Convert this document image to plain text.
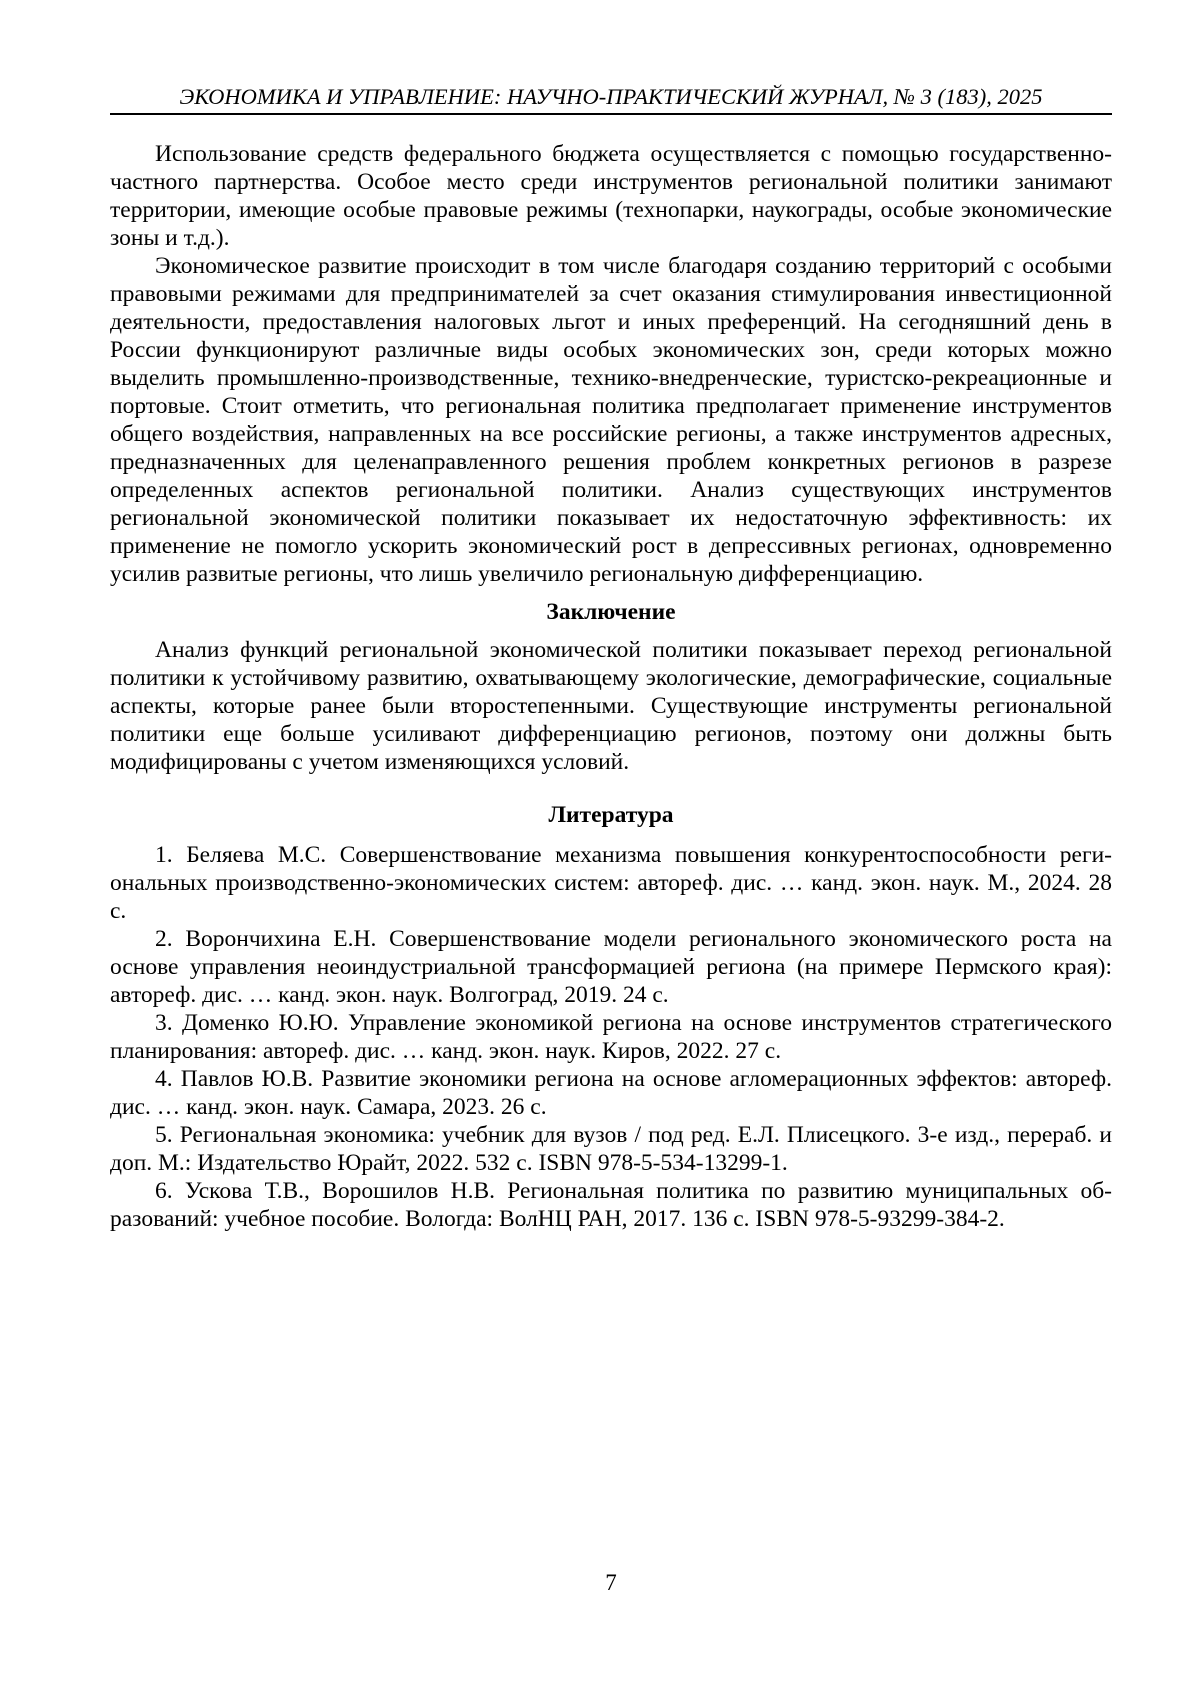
ЭКОНОМИКА И УПРАВЛЕНИЕ: НАУЧНО-ПРАКТИЧЕСКИЙ ЖУРНАЛ, № 3 (183), 2025

Использование средств федерального бюджета осуществляется с помощью государственно-частного партнерства. Особое место среди инструментов региональной политики занимают территории, имеющие особые правовые режимы (технопарки, наукограды, особые экономические зоны и т.д.).

Экономическое развитие происходит в том числе благодаря созданию территорий с особыми правовыми режимами для предпринимателей за счет оказания стимулирования инвестиционной деятельности, предоставления налоговых льгот и иных преференций. На сегодняшний день в России функционируют различные виды особых экономических зон, среди которых можно выделить промышленно-производственные, технико-внедренческие, туристско-рекреационные и портовые. Стоит отметить, что региональная политика предполагает применение инструментов общего воздействия, направленных на все российские регионы, а также инструментов адресных, предназначенных для целенаправленного решения проблем конкретных регионов в разрезе определенных аспектов региональной политики. Анализ существующих инструментов региональной экономической политики показывает их недостаточную эффективность: их применение не помогло ускорить экономический рост в депрессивных регионах, одновременно усилив развитые регионы, что лишь увеличило региональную дифференциацию.

Заключение

Анализ функций региональной экономической политики показывает переход региональной политики к устойчивому развитию, охватывающему экологические, демографические, социальные аспекты, которые ранее были второстепенными. Существующие инструменты региональной политики еще больше усиливают дифференциацию регионов, поэтому они должны быть модифицированы с учетом изменяющихся условий.

Литература

1. Беляева М.С. Совершенствование механизма повышения конкурентоспособности региональных производственно-экономических систем: автореф. дис. … канд. экон. наук. М., 2024. 28 с.

2. Ворончихина Е.Н. Совершенствование модели регионального экономического роста на основе управления неоиндустриальной трансформацией региона (на примере Пермского края): автореф. дис. … канд. экон. наук. Волгоград, 2019. 24 с.

3. Доменко Ю.Ю. Управление экономикой региона на основе инструментов стратегического планирования: автореф. дис. … канд. экон. наук. Киров, 2022. 27 с.

4. Павлов Ю.В. Развитие экономики региона на основе агломерационных эффектов: автореф. дис. … канд. экон. наук. Самара, 2023. 26 с.

5. Региональная экономика: учебник для вузов / под ред. Е.Л. Плисецкого. 3-е изд., перераб. и доп. М.: Издательство Юрайт, 2022. 532 с. ISBN 978-5-534-13299-1.

6. Ускова Т.В., Ворошилов Н.В. Региональная политика по развитию муниципальных образований: учебное пособие. Вологда: ВолНЦ РАН, 2017. 136 с. ISBN 978-5-93299-384-2.

7
